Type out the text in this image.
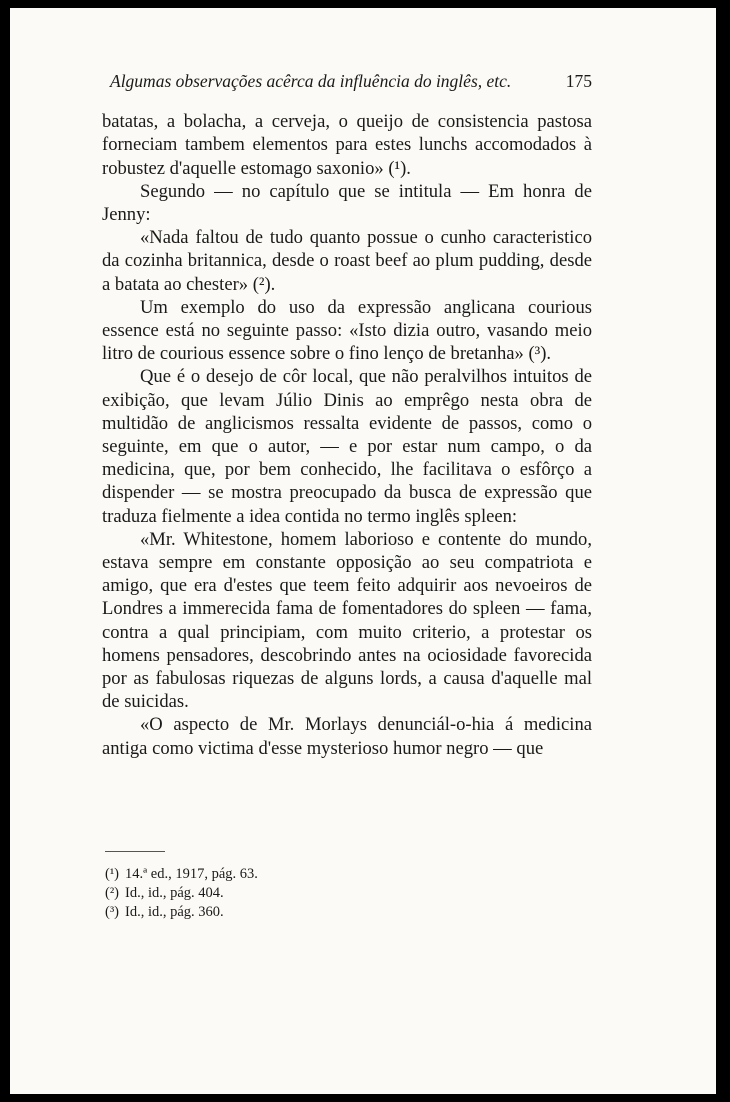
Algumas observações acêrca da influência do inglês, etc.	175

batatas, a bolacha, a cerveja, o queijo de consistencia pastosa forneciam tambem elementos para estes lunchs accomodados à robustez d'aquelle estomago saxonio» (¹).

Segundo — no capítulo que se intitula — Em honra de Jenny:

«Nada faltou de tudo quanto possue o cunho caracteristico da cozinha britannica, desde o roast beef ao plum pudding, desde a batata ao chester» (²).

Um exemplo do uso da expressão anglicana courious essence está no seguinte passo: «Isto dizia outro, vasando meio litro de courious essence sobre o fino lenço de bretanha» (³).

Que é o desejo de côr local, que não peralvilhos intuitos de exibição, que levam Júlio Dinis ao emprêgo nesta obra de multidão de anglicismos ressalta evidente de passos, como o seguinte, em que o autor, — e por estar num campo, o da medicina, que, por bem conhecido, lhe facilitava o esfôrço a dispender — se mostra preocupado da busca de expressão que traduza fielmente a idea contida no termo inglês spleen:

«Mr. Whitestone, homem laborioso e contente do mundo, estava sempre em constante opposição ao seu compatriota e amigo, que era d'estes que teem feito adquirir aos nevoeiros de Londres a immerecida fama de fomentadores do spleen — fama, contra a qual principiam, com muito criterio, a protestar os homens pensadores, descobrindo antes na ociosidade favorecida por as fabulosas riquezas de alguns lords, a causa d'aquelle mal de suicidas.

«O aspecto de Mr. Morlays denunciál-o-hia á medicina antiga como victima d'esse mysterioso humor negro — que

(¹) 14.ª ed., 1917, pág. 63.
(²) Id., id., pág. 404.
(³) Id., id., pág. 360.
